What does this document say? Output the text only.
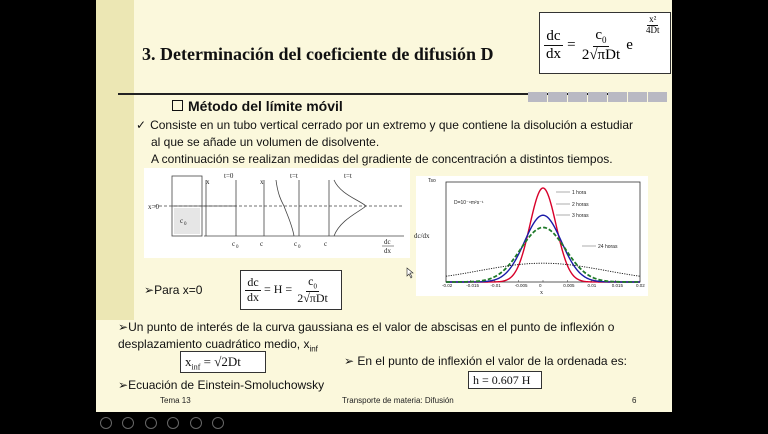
3. Determinación del coeficiente de difusión D	$\frac{dc}{dx} = \frac{c_0}{\text{2√πDt}}$ e
$\frac{\text{x²}}{4Dt}$
Método del límite móvil
✓ Consiste en un tubo vertical cerrado por un extremo y que contiene la disolución a estudiar
al que se añade un volumen de disolvente.
A continuación se realizan medidas del gradiente de concentración a distintos tiempos.
t=0
x	x
t=t	t=t
x=0
c 0
c 0	c	c 0	c	dc
dx
-0.02	-0.015	-0.01	-0.005	0	0.005	0.01	0.015	0.02
Tso
D=10⁻⁹m²s⁻¹
dc/dx
x
1 hora
2 horas
3 horas
24 horas
➢Para x=0	$\frac{dc}{dx} = H = \frac{c_0}{\text{2√πDt}}$
➢Un punto de interés de la curva gaussiana es el valor de abscisas en el punto de inflexión o
desplazamiento cuadrático medio, $x_{inf}$
$x_{inf} = √2Dt$	➢ En el punto de inflexión el valor de la ordenada es:
h = 0.607 H
➢Ecuación de Einstein-Smoluchowsky
Tema 13	Transporte de materia: Difusión	6
